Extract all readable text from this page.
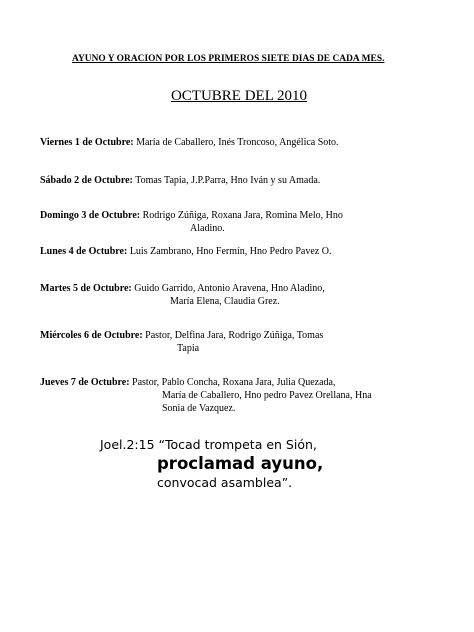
AYUNO Y ORACION POR LOS PRIMEROS SIETE DIAS DE CADA MES.
OCTUBRE DEL 2010
Viernes 1 de Octubre: María de Caballero, Inés Troncoso, Angélica Soto.
Sábado 2 de Octubre: Tomas Tapia, J.P.Parra, Hno Iván y su Amada.
Domingo 3 de Octubre: Rodrigo Zúñiga, Roxana Jara, Romina Melo, Hno
Aladino.
Lunes 4 de Octubre: Luis Zambrano, Hno Fermín, Hno Pedro Pavez O.
Martes 5 de Octubre: Guido Garrido, Antonio Aravena, Hno Aladino,
María Elena, Claudia Grez.
Miércoles 6 de Octubre: Pastor, Delfina Jara, Rodrigo Zúñiga, Tomas
Tapia
Jueves 7 de Octubre: Pastor, Pablo Concha, Roxana Jara, Julia Quezada,
María de Caballero, Hno pedro Pavez Orellana, Hna
Sonia de Vazquez.
Joel.2:15 “Tocad trompeta en Sión,
proclamad ayuno,
convocad asamblea”.
